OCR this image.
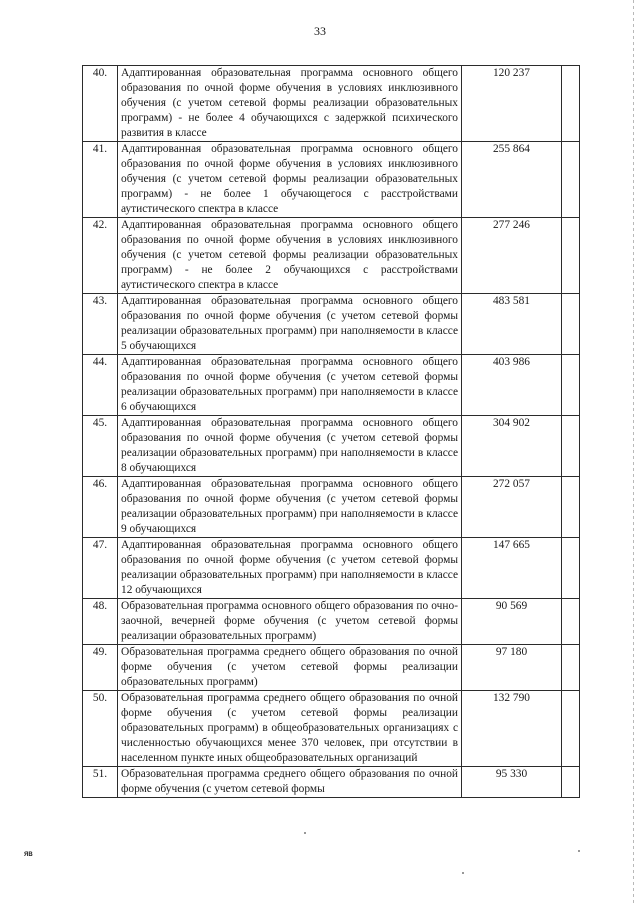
33
40.	Адаптированная образовательная программа основного общего образования по очной форме обучения в условиях инклюзивного обучения (с учетом сетевой формы реализации образовательных программ) - не более 4 обучающихся с задержкой психического развития в классе	120 237	
41.	Адаптированная образовательная программа основного общего образования по очной форме обучения в условиях инклюзивного обучения (с учетом сетевой формы реализации образовательных программ) - не более 1 обучающегося с расстройствами аутистического спектра в классе	255 864	
42.	Адаптированная образовательная программа основного общего образования по очной форме обучения в условиях инклюзивного обучения (с учетом сетевой формы реализации образовательных программ) - не более 2 обучающихся с расстройствами аутистического спектра в классе	277 246	
43.	Адаптированная образовательная программа основного общего образования по очной форме обучения (с учетом сетевой формы реализации образовательных программ) при наполняемости в классе 5 обучающихся	483 581	
44.	Адаптированная образовательная программа основного общего образования по очной форме обучения (с учетом сетевой формы реализации образовательных программ) при наполняемости в классе 6 обучающихся	403 986	
45.	Адаптированная образовательная программа основного общего образования по очной форме обучения (с учетом сетевой формы реализации образовательных программ) при наполняемости в классе 8 обучающихся	304 902	
46.	Адаптированная образовательная программа основного общего образования по очной форме обучения (с учетом сетевой формы реализации образовательных программ) при наполняемости в классе 9 обучающихся	272 057	
47.	Адаптированная образовательная программа основного общего образования по очной форме обучения (с учетом сетевой формы реализации образовательных программ) при наполняемости в классе 12 обучающихся	147 665	
48.	Образовательная программа основного общего образования по очно-заочной, вечерней форме обучения (с учетом сетевой формы реализации образовательных программ)	90 569	
49.	Образовательная программа среднего общего образования по очной форме обучения (с учетом сетевой формы реализации образовательных программ)	97 180	
50.	Образовательная программа среднего общего образования по очной форме обучения (с учетом сетевой формы реализации образовательных программ) в общеобразовательных организациях с численностью обучающихся менее 370 человек, при отсутствии в населенном пункте иных общеобразовательных организаций	132 790	
51.	Образовательная программа среднего общего образования по очной форме обучения (с учетом сетевой формы	95 330	
ЯВ
